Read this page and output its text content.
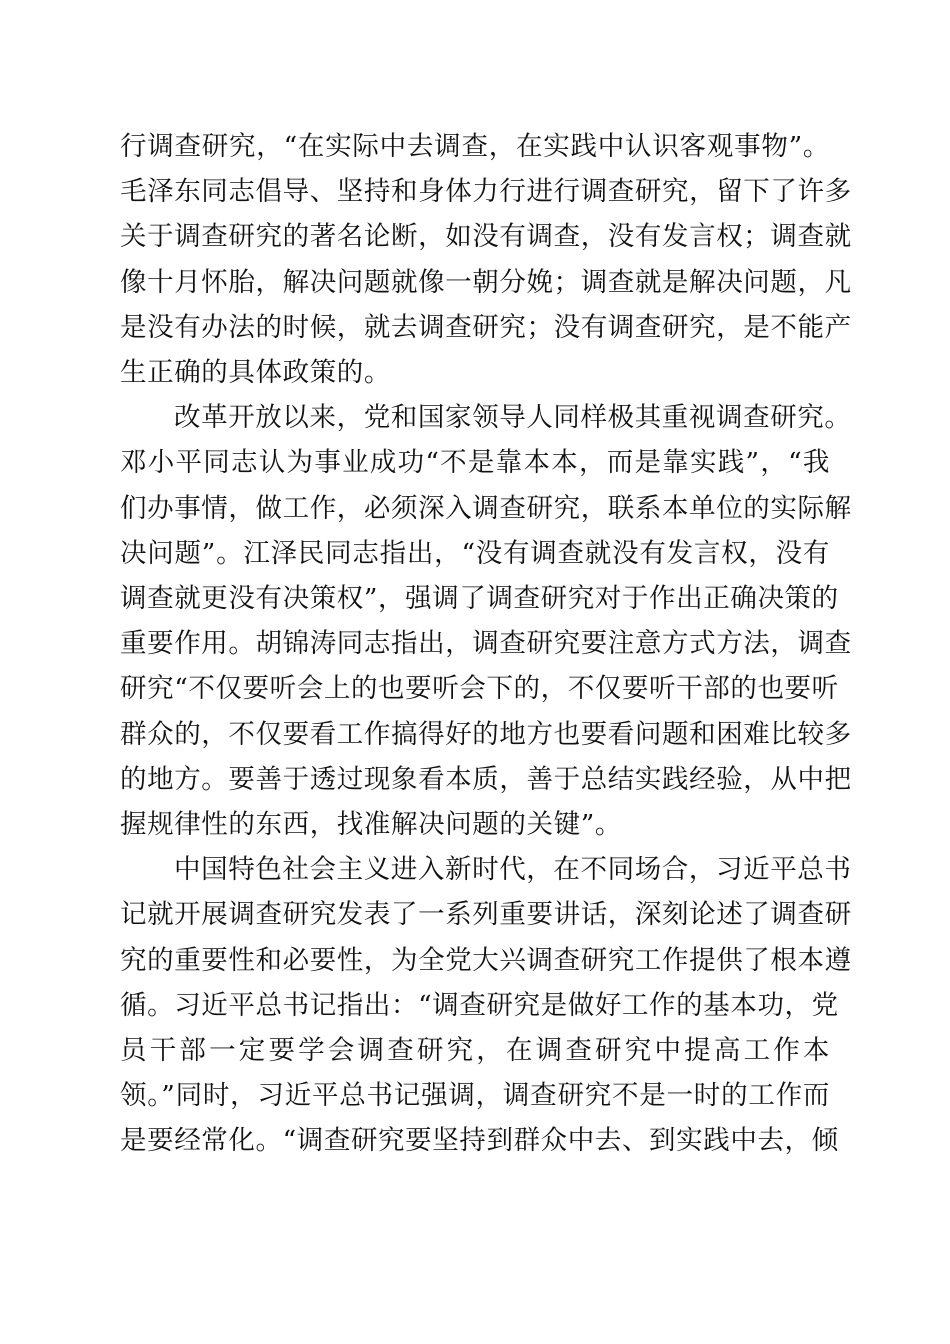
行调查研究，“在实际中去调查，在实践中认识客观事物”。
毛泽东同志倡导、坚持和身体力行进行调查研究，留下了许多
关于调查研究的著名论断，如没有调查，没有发言权；调查就
像十月怀胎，解决问题就像一朝分娩；调查就是解决问题，凡
是没有办法的时候，就去调查研究；没有调查研究，是不能产
生正确的具体政策的。
改革开放以来，党和国家领导人同样极其重视调查研究。
邓小平同志认为事业成功“不是靠本本，而是靠实践”，“我
们办事情，做工作，必须深入调查研究，联系本单位的实际解
决问题”。江泽民同志指出，“没有调查就没有发言权，没有
调查就更没有决策权”，强调了调查研究对于作出正确决策的
重要作用。胡锦涛同志指出，调查研究要注意方式方法，调查
研究“不仅要听会上的也要听会下的，不仅要听干部的也要听
群众的，不仅要看工作搞得好的地方也要看问题和困难比较多
的地方。要善于透过现象看本质，善于总结实践经验，从中把
握规律性的东西，找准解决问题的关键”。
中国特色社会主义进入新时代，在不同场合，习近平总书
记就开展调查研究发表了一系列重要讲话，深刻论述了调查研
究的重要性和必要性，为全党大兴调查研究工作提供了根本遵
循。习近平总书记指出：“调查研究是做好工作的基本功，党
员干部一定要学会调查研究，在调查研究中提高工作本
领。”同时，习近平总书记强调，调查研究不是一时的工作而
是要经常化。“调查研究要坚持到群众中去、到实践中去，倾
